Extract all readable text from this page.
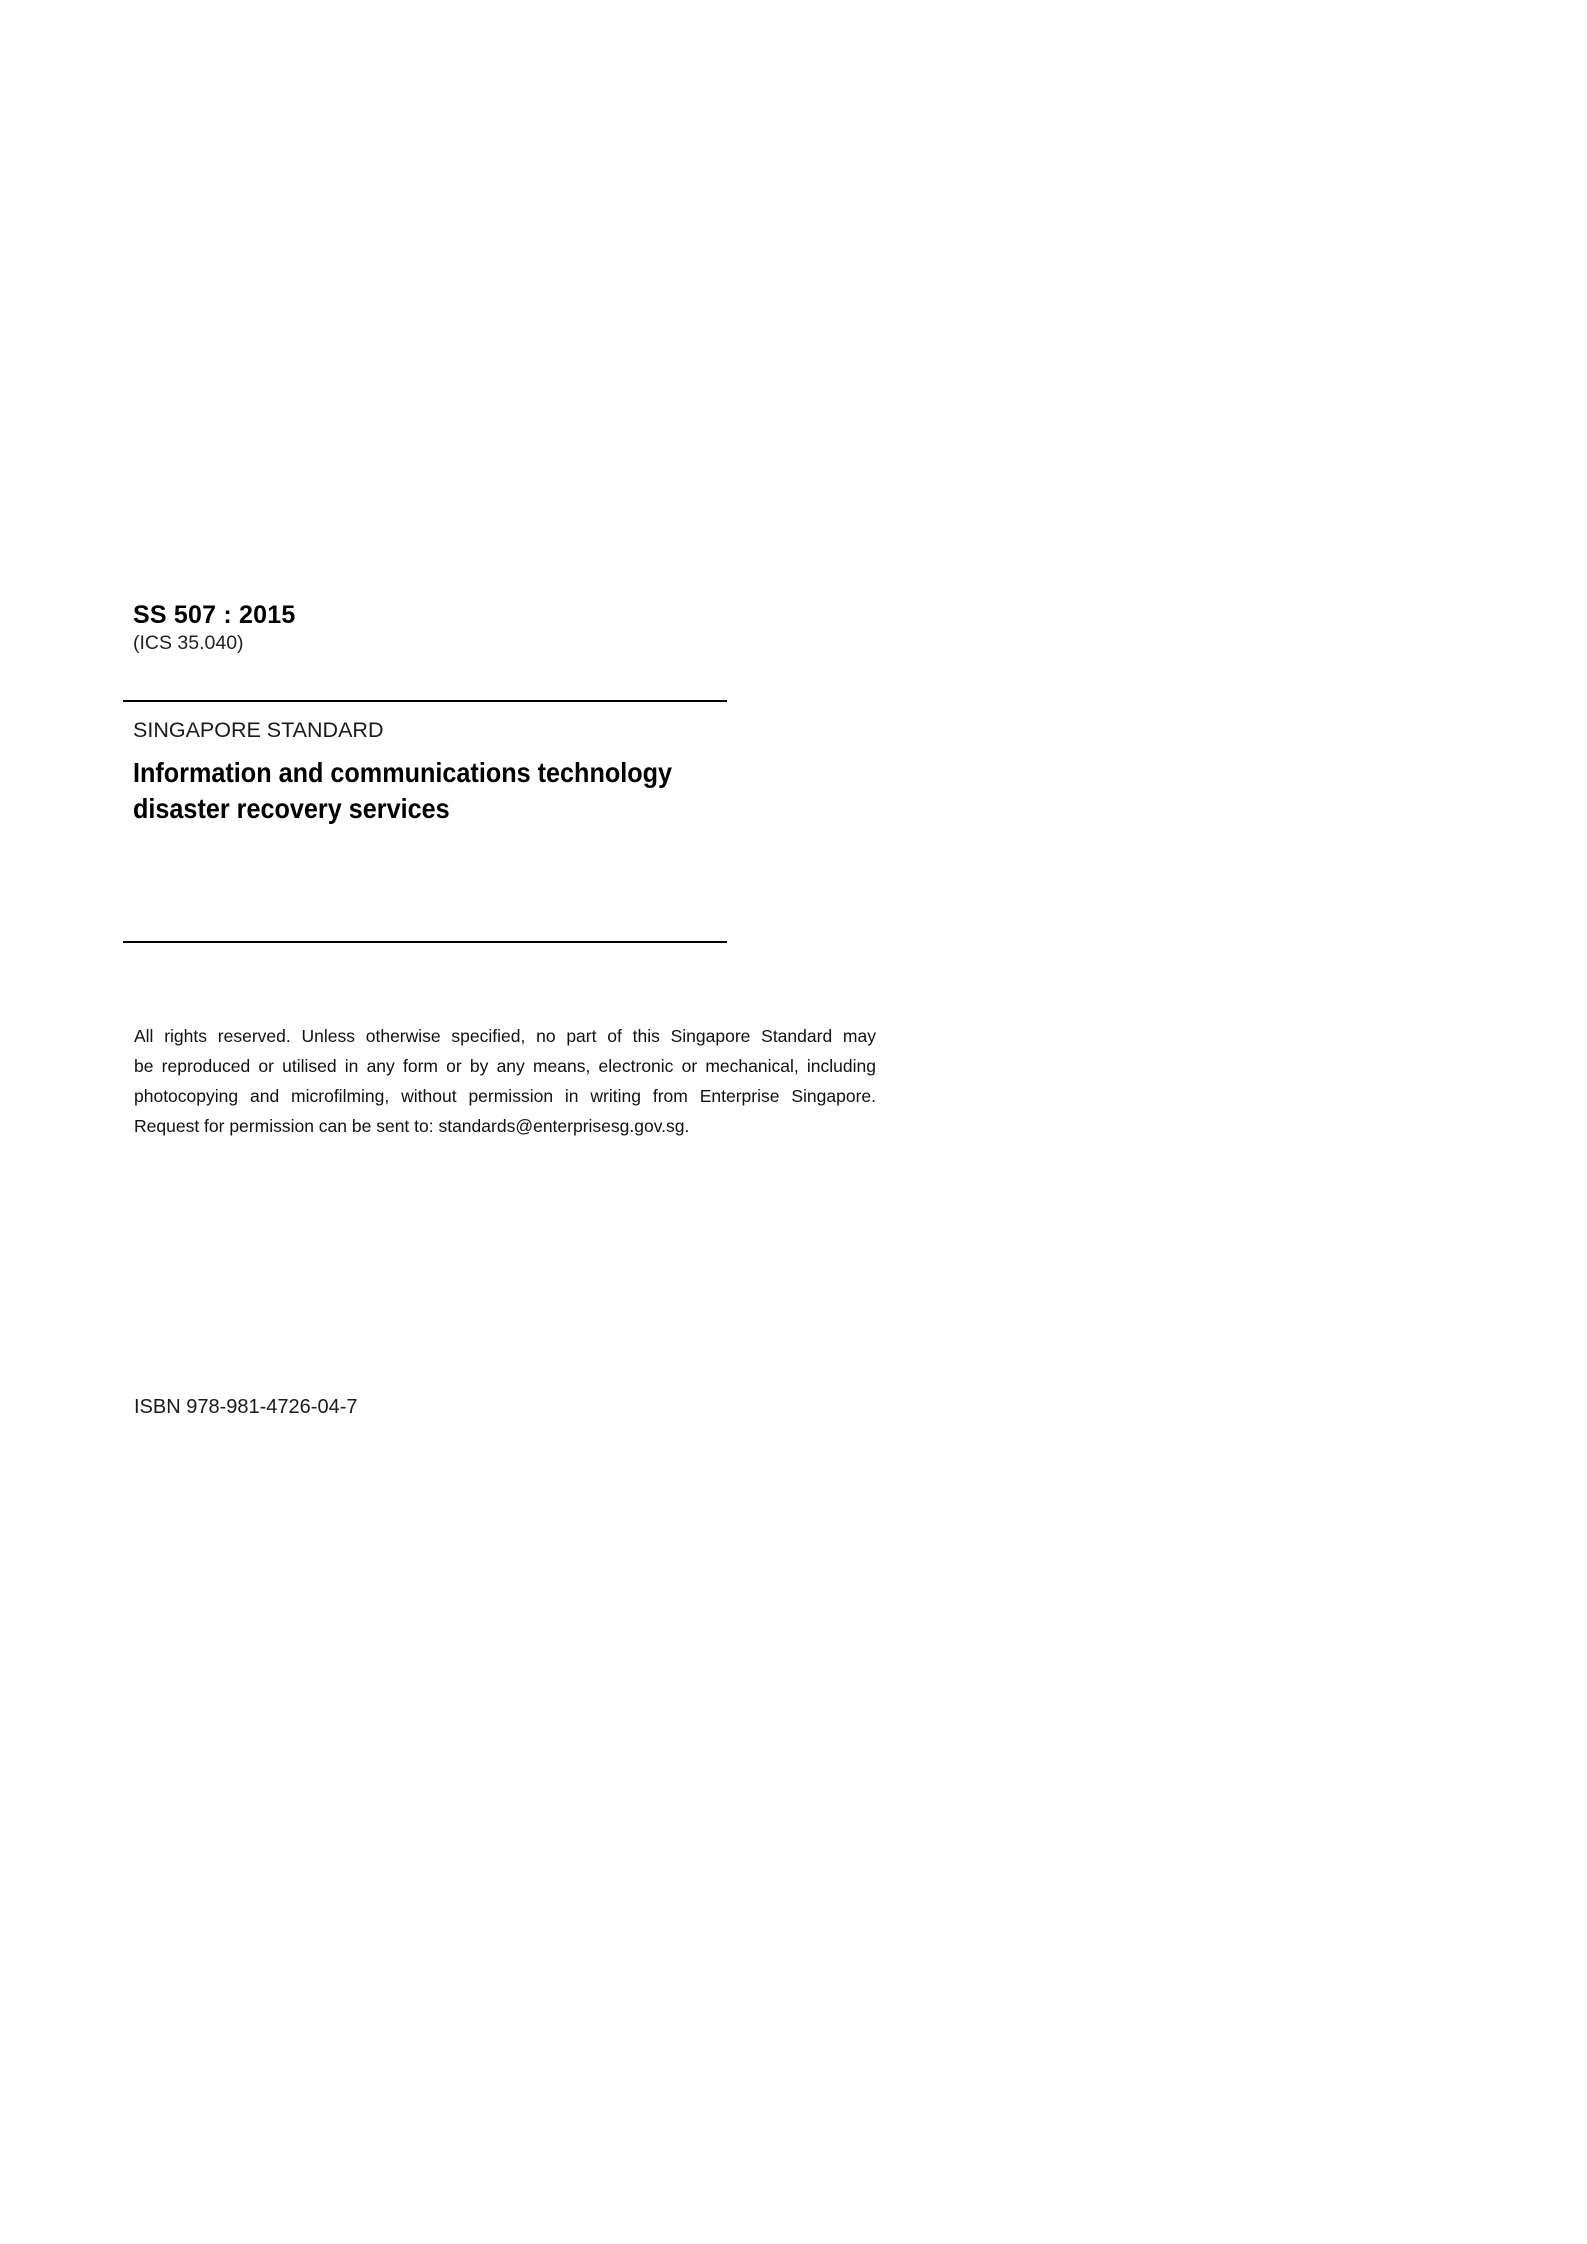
SS 507 : 2015

(ICS 35.040)

SINGAPORE STANDARD

Information and communications technology
disaster recovery services

All rights reserved. Unless otherwise specified, no part of this Singapore Standard may
be reproduced or utilised in any form or by any means, electronic or mechanical, including
photocopying and microfilming, without permission in writing from Enterprise Singapore.
Request for permission can be sent to: standards@enterprisesg.gov.sg.

ISBN 978-981-4726-04-7
